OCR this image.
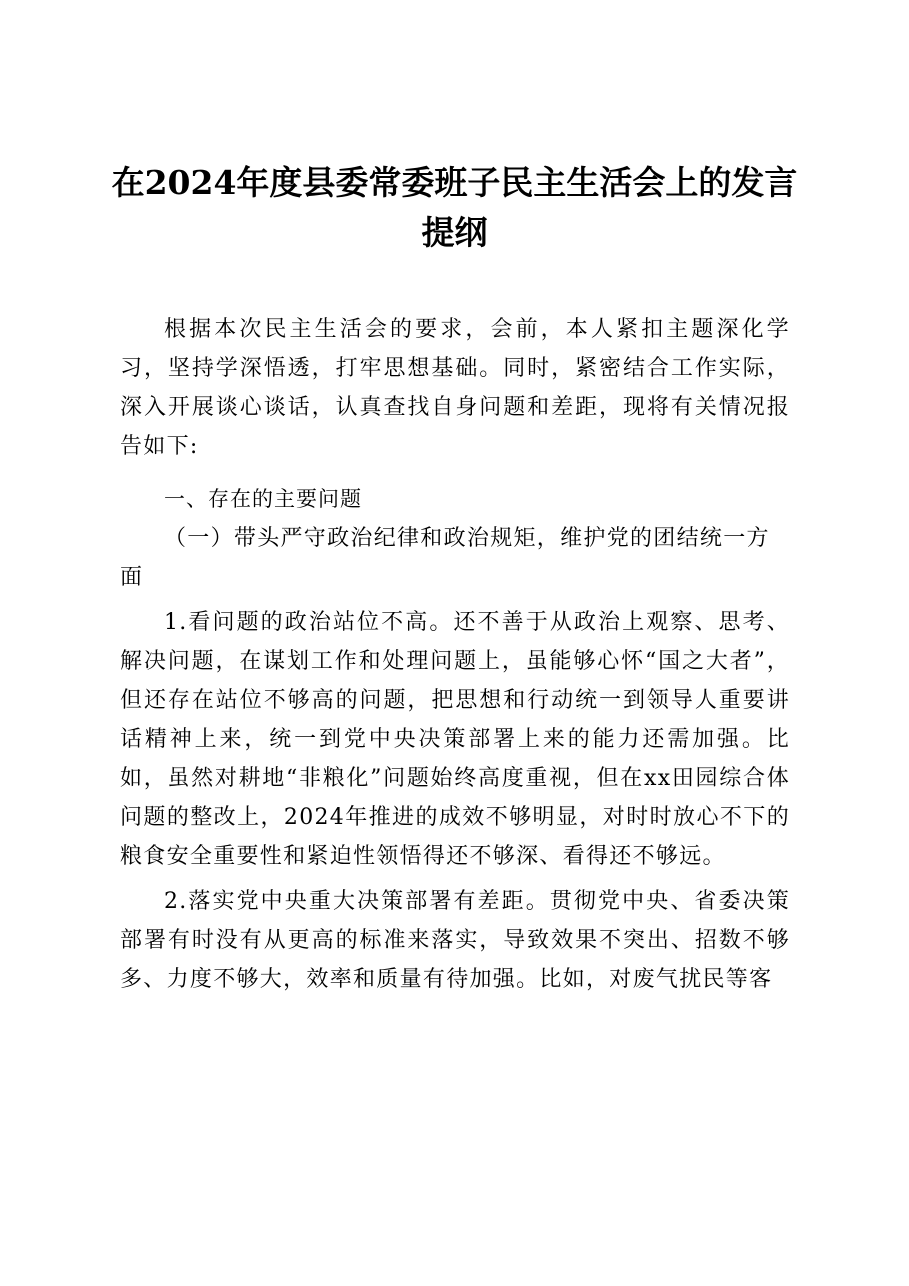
在2024年度县委常委班子民主生活会上的发言
提纲

根据本次民主生活会的要求，会前，本人紧扣主题深化学习，坚持学深悟透，打牢思想基础。同时，紧密结合工作实际，深入开展谈心谈话，认真查找自身问题和差距，现将有关情况报告如下:

一、存在的主要问题

（一）带头严守政治纪律和政治规矩，维护党的团结统一方面

1.看问题的政治站位不高。还不善于从政治上观察、思考、解决问题，在谋划工作和处理问题上，虽能够心怀“国之大者”，但还存在站位不够高的问题，把思想和行动统一到领导人重要讲话精神上来，统一到党中央决策部署上来的能力还需加强。比如，虽然对耕地“非粮化”问题始终高度重视，但在xx田园综合体问题的整改上，2024年推进的成效不够明显，对时时放心不下的粮食安全重要性和紧迫性领悟得还不够深、看得还不够远。

2.落实党中央重大决策部署有差距。贯彻党中央、省委决策部署有时没有从更高的标准来落实，导致效果不突出、招数不够多、力度不够大，效率和质量有待加强。比如，对废气扰民等客
